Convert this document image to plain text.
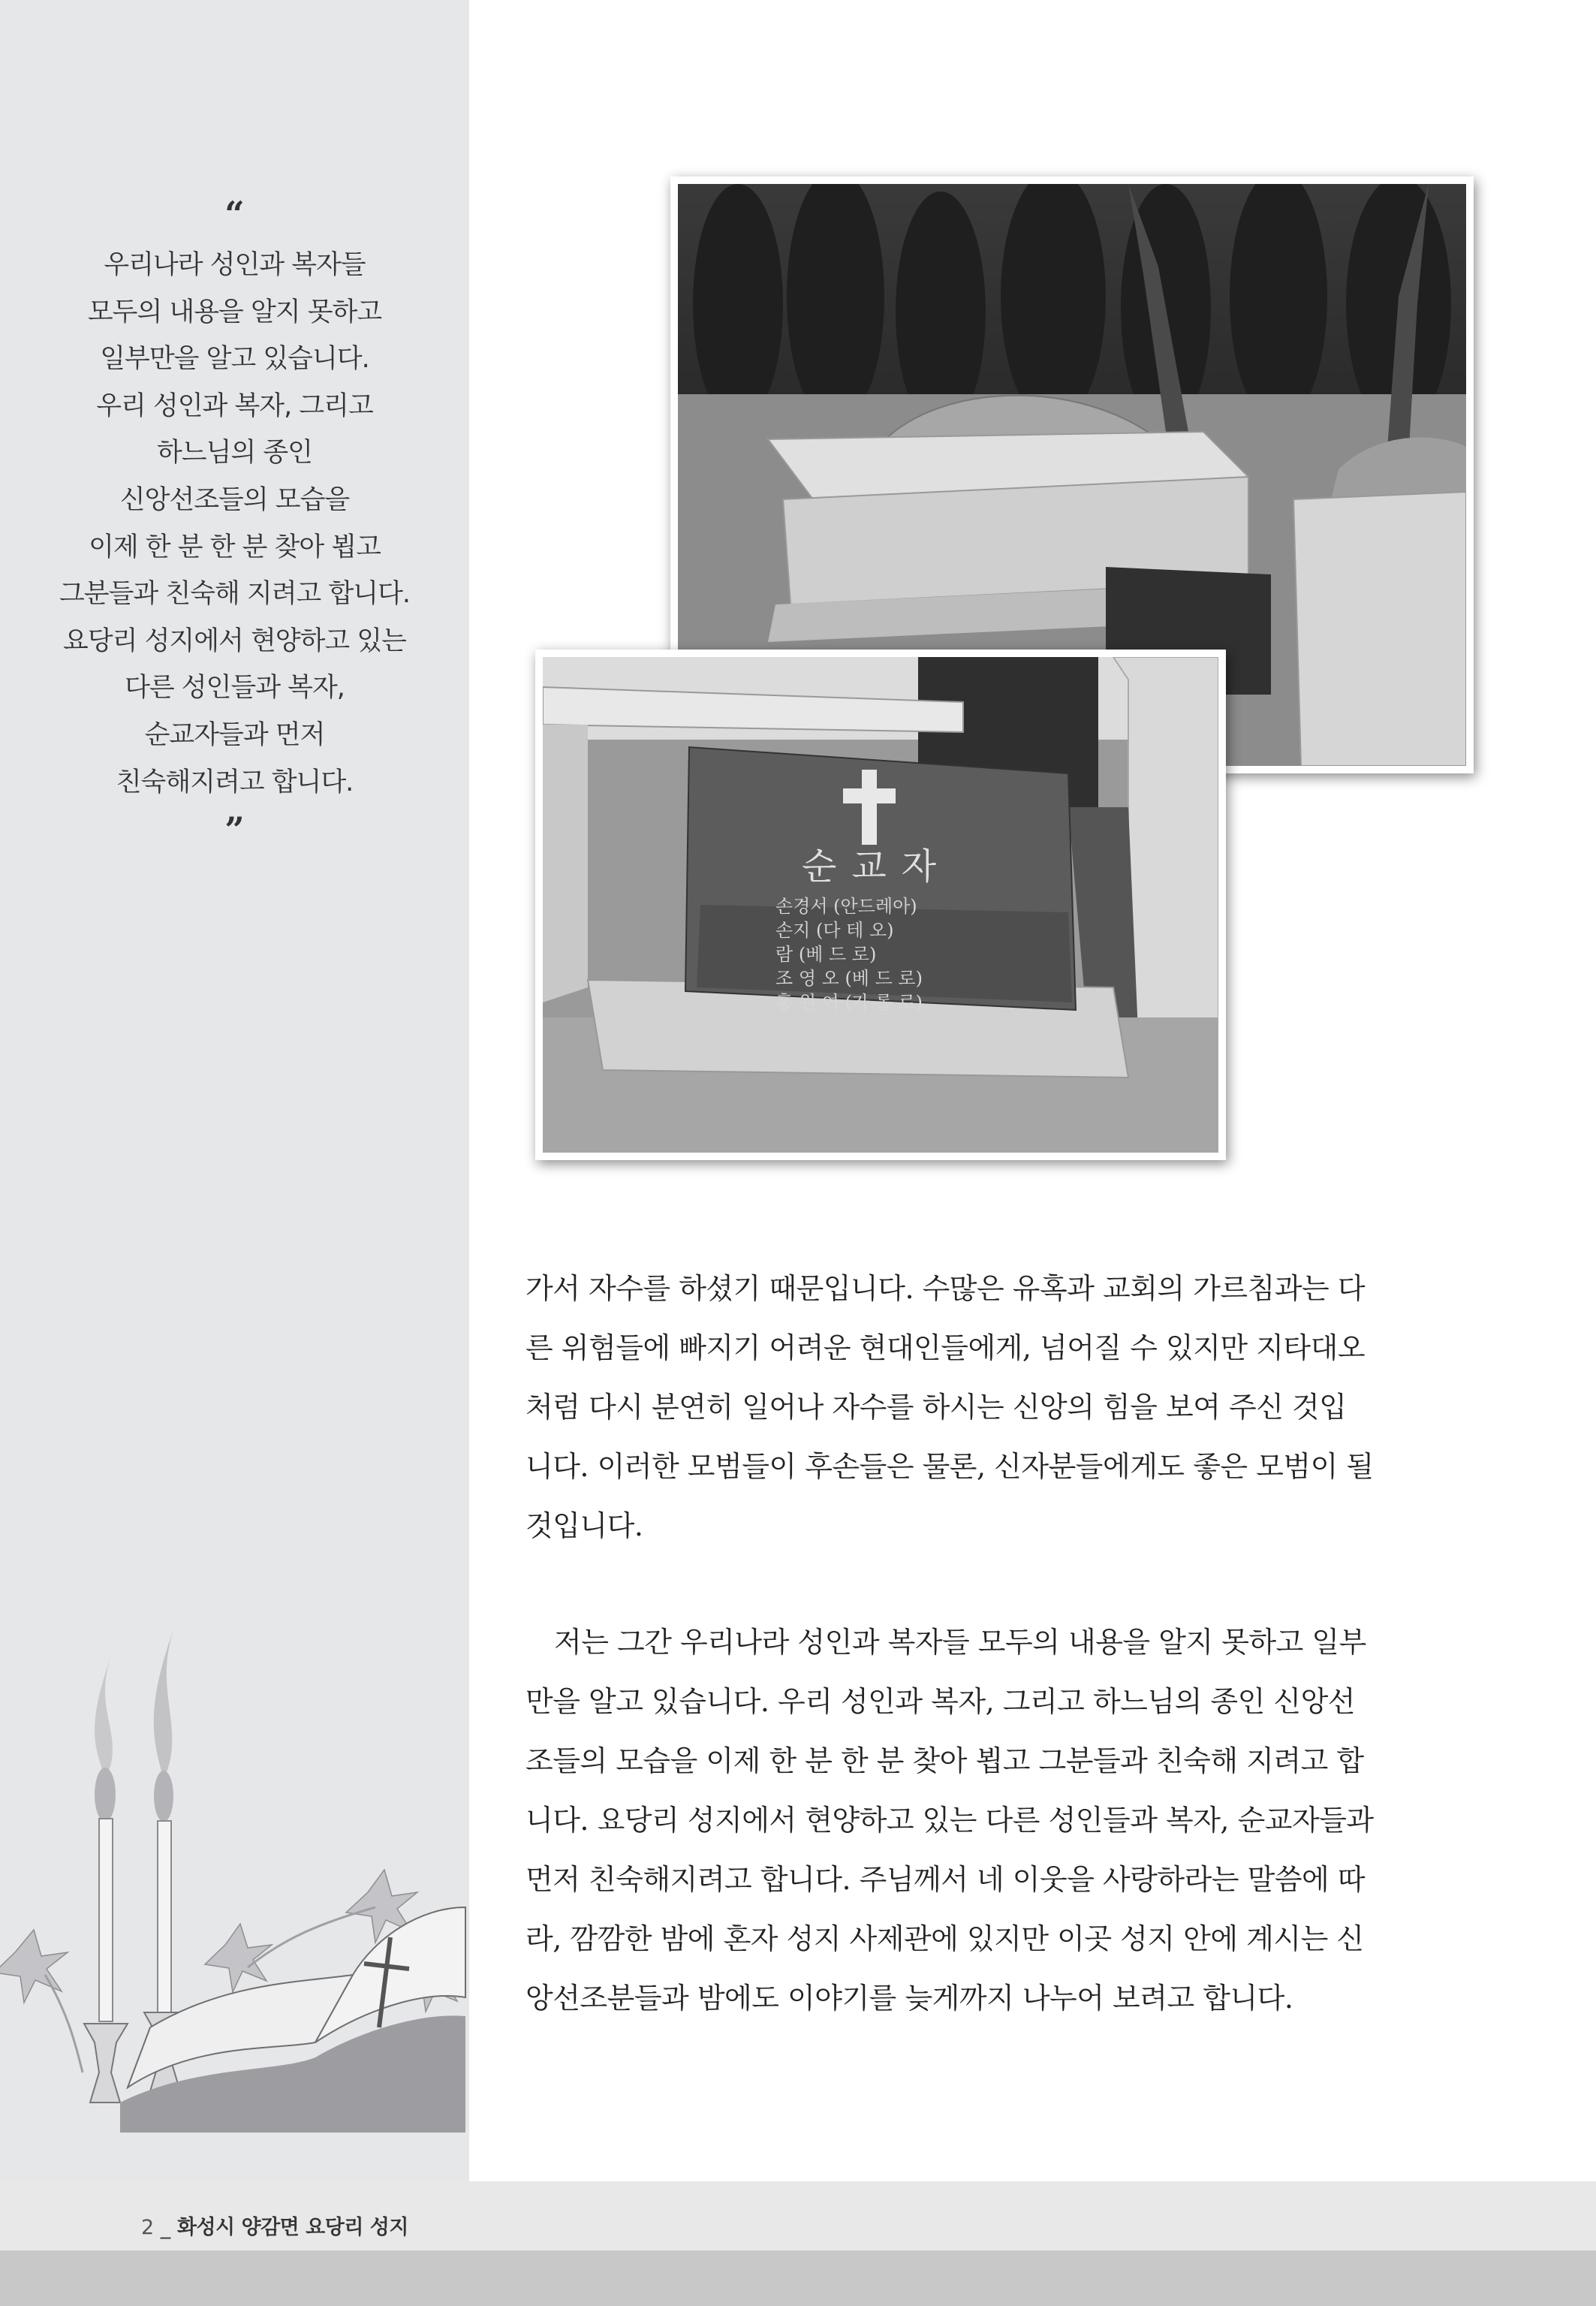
“
우리나라 성인과 복자들
모두의 내용을 알지 못하고
일부만을 알고 있습니다.
우리 성인과 복자, 그리고
하느님의 종인
신앙선조들의 모습을
이제 한 분 한 분 찾아 뵙고
그분들과 친숙해 지려고 합니다.
요당리 성지에서 현양하고 있는
다른 성인들과 복자,
순교자들과 먼저
친숙해지려고 합니다.
”
순교자
손경서 (안드레아)
손지 (다 테 오)
람 (베 드 로)
조 영 오 (베 드 로)
홍 원 여 (가 롤 로)

가서 자수를 하셨기 때문입니다. 수많은 유혹과 교회의 가르침과는 다
른 위험들에 빠지기 어려운 현대인들에게, 넘어질 수 있지만 지타대오
처럼 다시 분연히 일어나 자수를 하시는 신앙의 힘을 보여 주신 것입
니다. 이러한 모범들이 후손들은 물론, 신자분들에게도 좋은 모범이 될
것입니다.

저는 그간 우리나라 성인과 복자들 모두의 내용을 알지 못하고 일부
만을 알고 있습니다. 우리 성인과 복자, 그리고 하느님의 종인 신앙선
조들의 모습을 이제 한 분 한 분 찾아 뵙고 그분들과 친숙해 지려고 합
니다. 요당리 성지에서 현양하고 있는 다른 성인들과 복자, 순교자들과
먼저 친숙해지려고 합니다. 주님께서 네 이웃을 사랑하라는 말씀에 따
라, 깜깜한 밤에 혼자 성지 사제관에 있지만 이곳 성지 안에 계시는 신
앙선조분들과 밤에도 이야기를 늦게까지 나누어 보려고 합니다.

2 _ 화성시 양감면 요당리 성지
